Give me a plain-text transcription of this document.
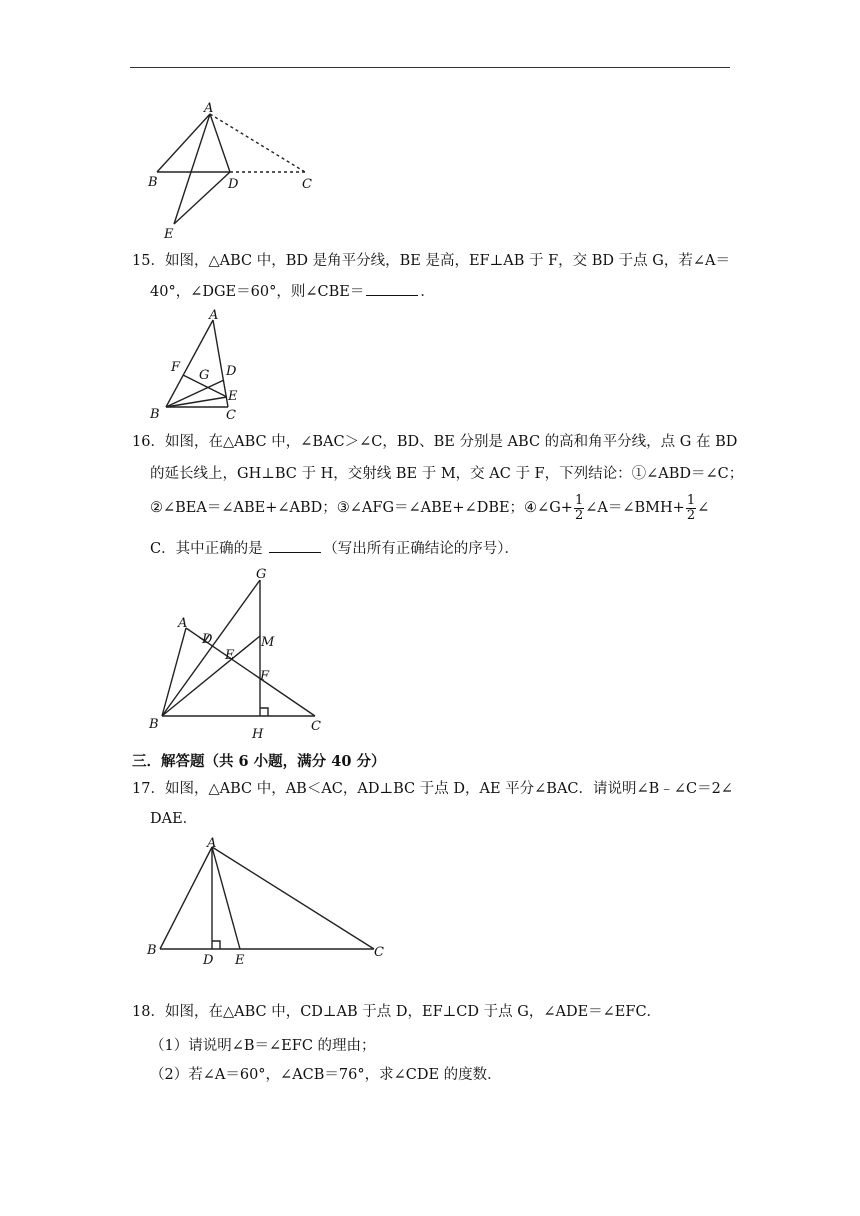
A
B	D	C
E
15．如图，△ABC 中，BD 是角平分线，BE 是高，EF⊥AB 于 F，交 BD 于点 G，若∠A＝
40°，∠DGE＝60°，则∠CBE＝	．
A
F
G D
E
B	C
16．如图，在△ABC 中，∠BAC＞∠C，BD、BE 分别是 ABC 的高和角平分线，点 G 在 BD
的延长线上，GH⊥BC 于 H，交射线 BE 于 M，交 AC 于 F，下列结论：①∠ABD＝∠C；
②∠BEA＝∠ABE+∠ABD；③∠AFG＝∠ABE+∠DBE；④∠G+ $\frac{1}{2}$ ∠A＝∠BMH+ $\frac{1}{2}$ ∠
C．其中正确的是	（写出所有正确结论的序号）．
G
A
D
E
M
F
B
H
C
三．解答题（共 6 小题，满分 40 分）
17．如图，△ABC 中，AB＜AC，AD⊥BC 于点 D，AE 平分∠BAC．请说明∠B﹣∠C＝2∠
DAE．
A
B
D E
C
18．如图，在△ABC 中，CD⊥AB 于点 D，EF⊥CD 于点 G，∠ADE＝∠EFC．
（1）请说明∠B＝∠EFC 的理由；
（2）若∠A＝60°，∠ACB＝76°，求∠CDE 的度数．
